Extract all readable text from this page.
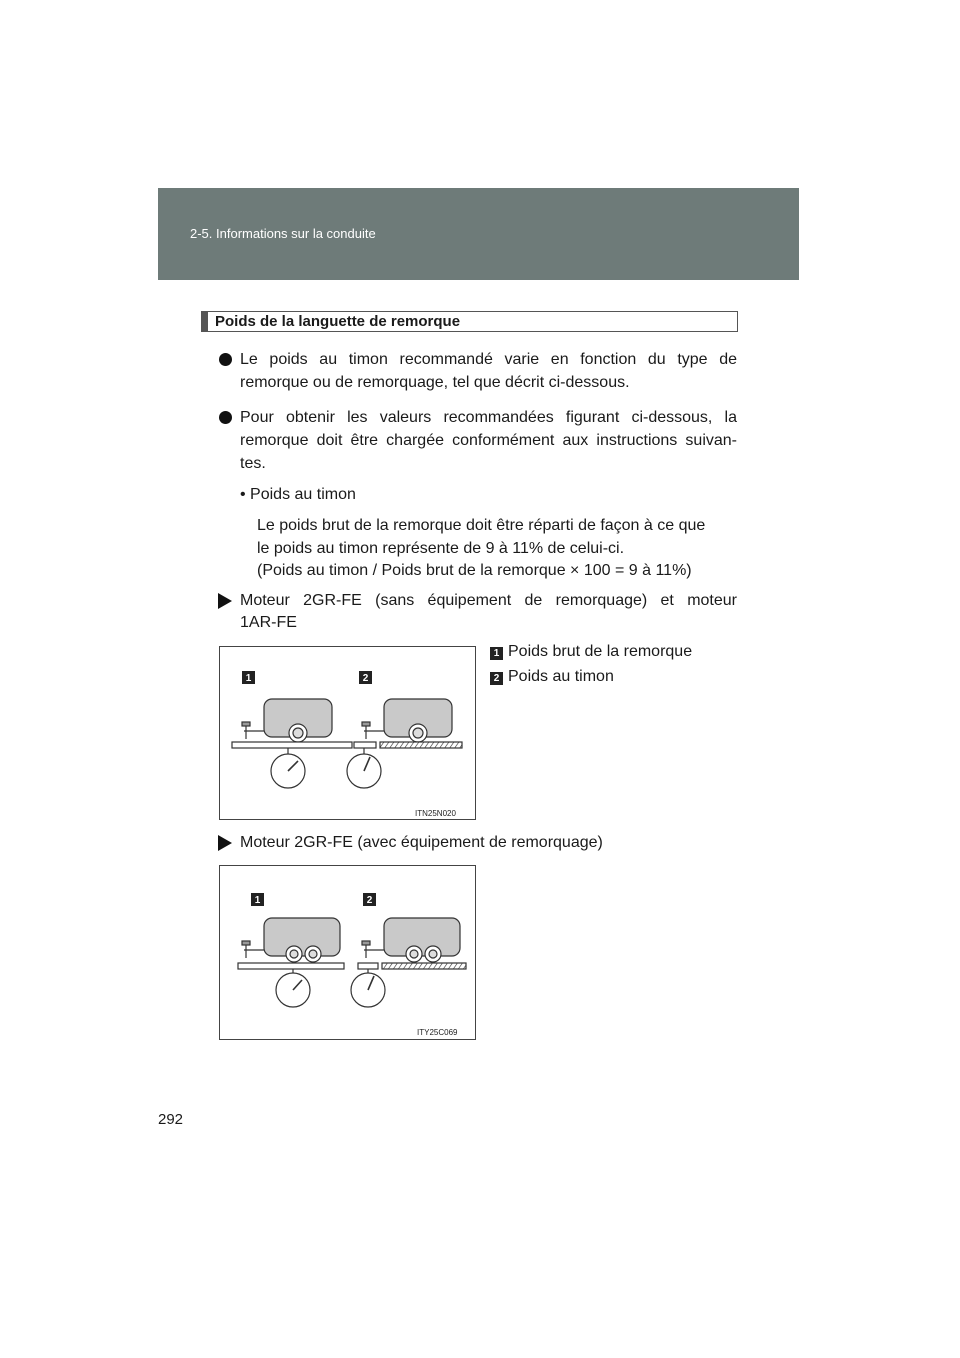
2-5. Informations sur la conduite
Poids de la languette de remorque
Le poids au timon recommandé varie en fonction du type de
remorque ou de remorquage, tel que décrit ci-dessous.
Pour obtenir les valeurs recommandées figurant ci-dessous, la
remorque doit être chargée conformément aux instructions suivan-
tes.
• Poids au timon
Le poids brut de la remorque doit être réparti de façon à ce que
le poids au timon représente de 9 à 11% de celui-ci.
(Poids au timon / Poids brut de la remorque × 100 = 9 à 11%)
Moteur 2GR-FE (sans équipement de remorquage) et moteur
1AR-FE
1 Poids brut de la remorque
2 Poids au timon
1	2
ITN25N020
Moteur 2GR-FE (avec équipement de remorquage)
1	2
ITY25C069
292
